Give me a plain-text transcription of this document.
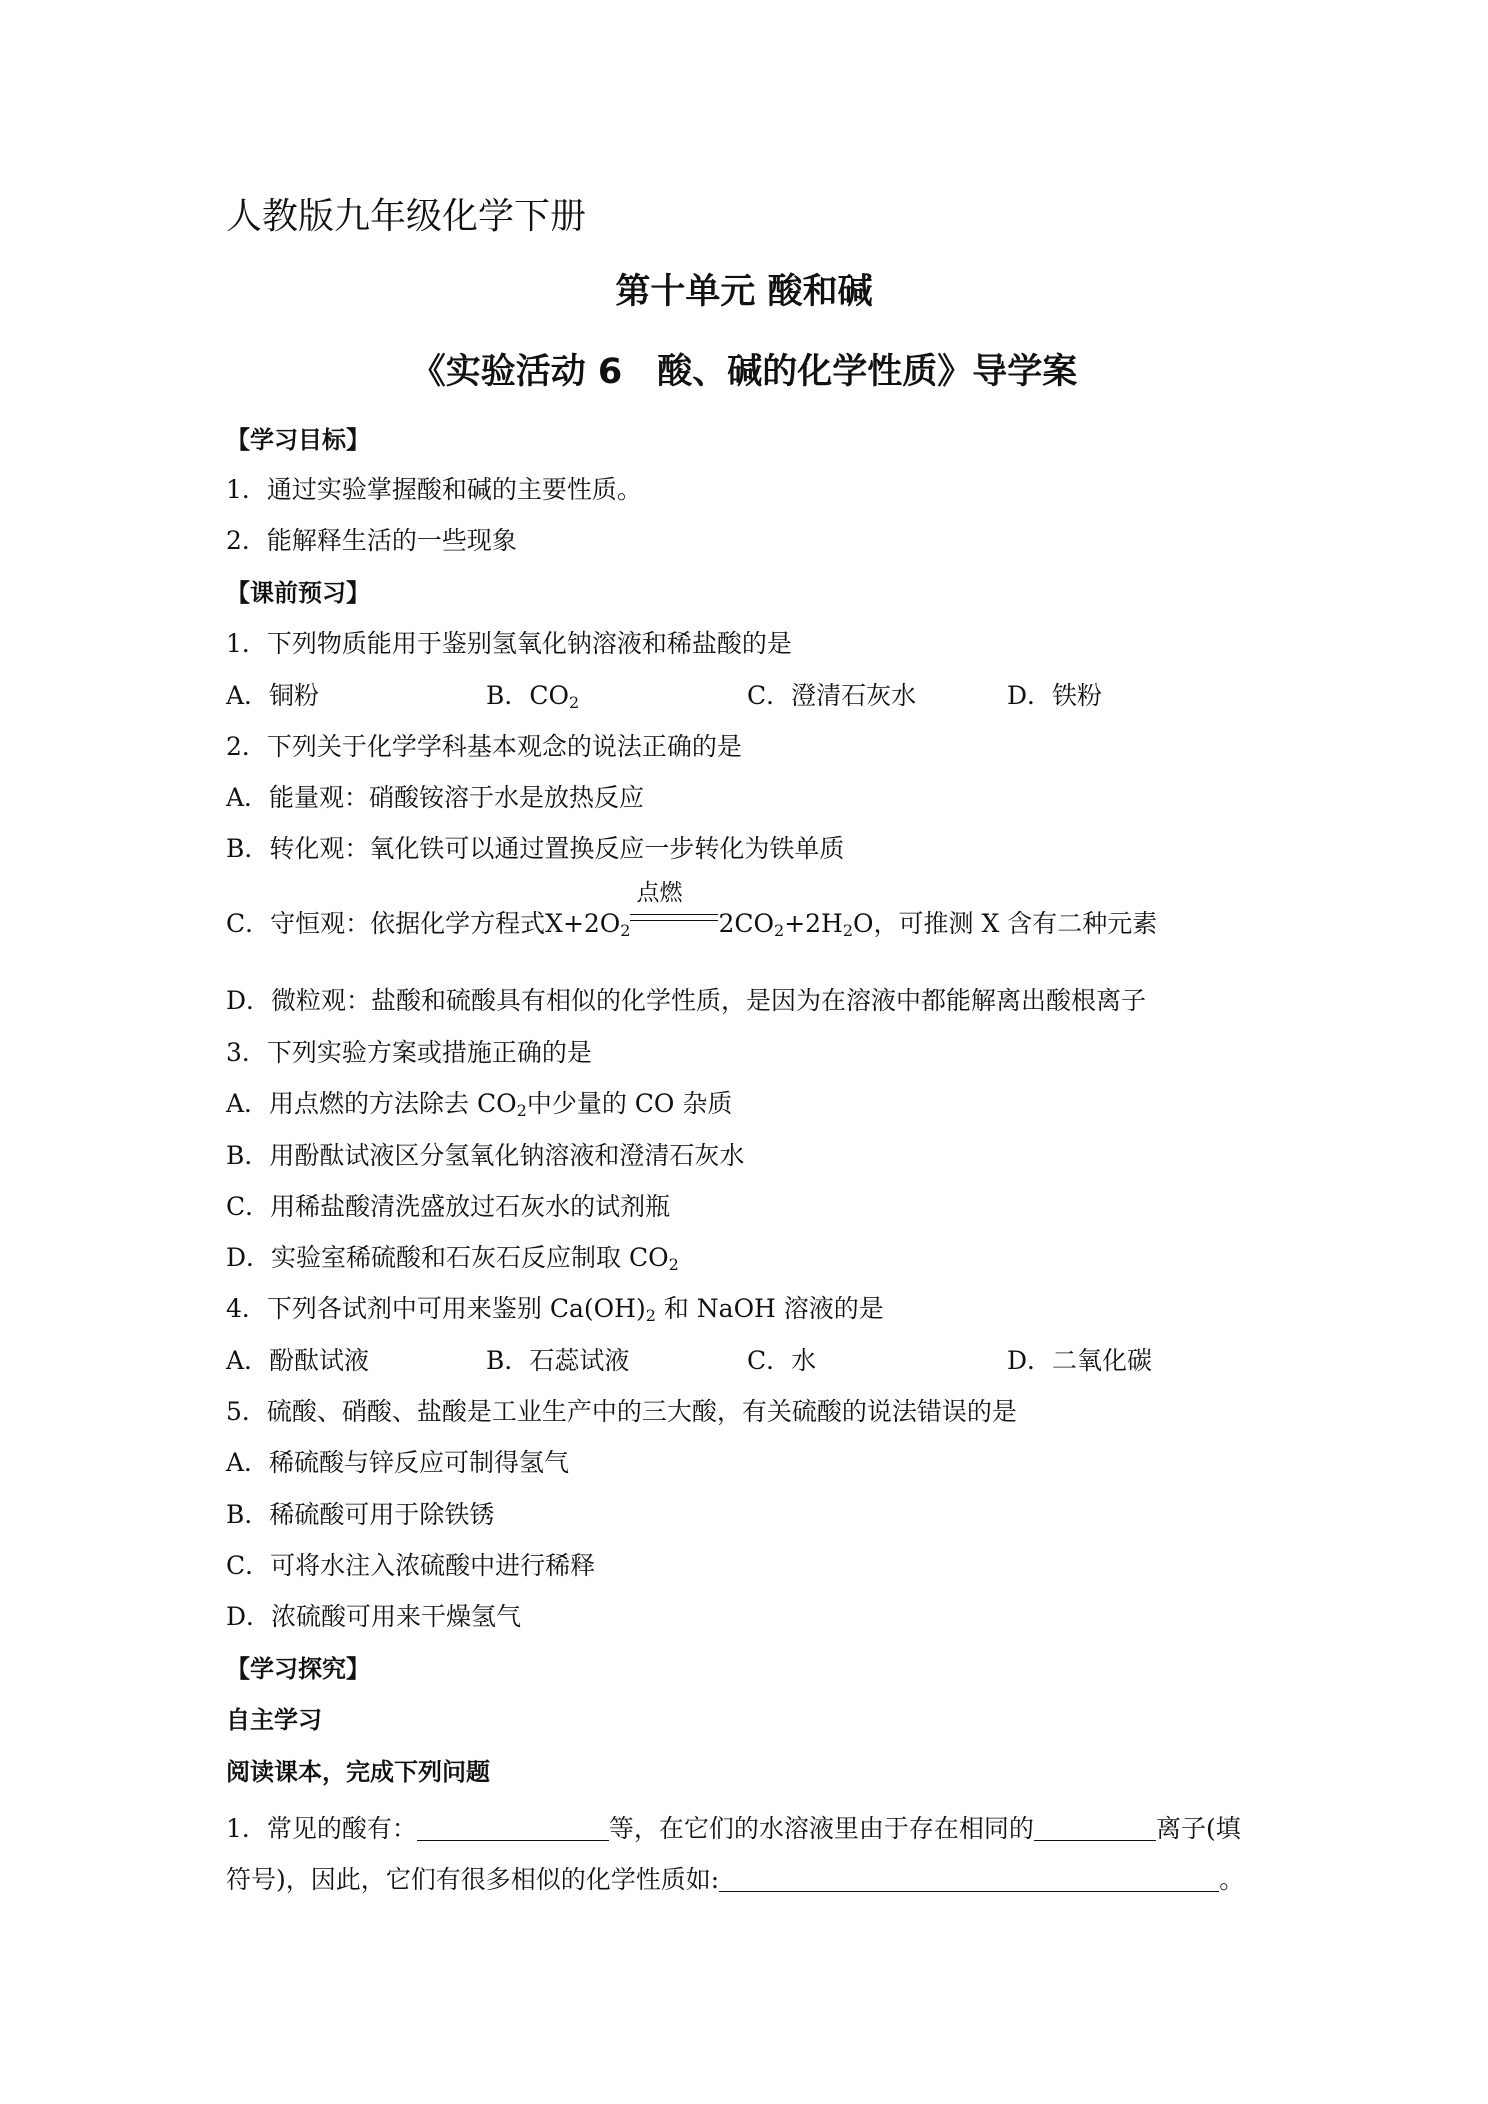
人教版九年级化学下册
第十单元 酸和碱
《实验活动 6　酸、碱的化学性质》导学案
【学习目标】
1．通过实验掌握酸和碱的主要性质。
2．能解释生活的一些现象
【课前预习】
1．下列物质能用于鉴别氢氧化钠溶液和稀盐酸的是
A．铜粉	B．$CO_2$	C．澄清石灰水	D．铁粉
2．下列关于化学学科基本观念的说法正确的是
A．能量观：硝酸铵溶于水是放热反应
B．转化观：氧化铁可以通过置换反应一步转化为铁单质
C．守恒观：依据化学方程式$X+2O_2$
点燃
$2CO_2+2H_2O$，可推测 X 含有二种元素
D．微粒观：盐酸和硫酸具有相似的化学性质，是因为在溶液中都能解离出酸根离子
3．下列实验方案或措施正确的是
A．用点燃的方法除去 $CO_2$中少量的 CO 杂质
B．用酚酞试液区分氢氧化钠溶液和澄清石灰水
C．用稀盐酸清洗盛放过石灰水的试剂瓶
D．实验室稀硫酸和石灰石反应制取 $CO_2$
4．下列各试剂中可用来鉴别 $Ca(OH)_2$ 和 NaOH 溶液的是
A．酚酞试液	B．石蕊试液	C．水	D．二氧化碳
5．硫酸、硝酸、盐酸是工业生产中的三大酸，有关硫酸的说法错误的是
A．稀硫酸与锌反应可制得氢气
B．稀硫酸可用于除铁锈
C．可将水注入浓硫酸中进行稀释
D．浓硫酸可用来干燥氢气
【学习探究】
自主学习
阅读课本，完成下列问题
1．常见的酸有：	等，在它们的水溶液里由于存在相同的	离子(填
符号)，因此，它们有很多相似的化学性质如:	。
